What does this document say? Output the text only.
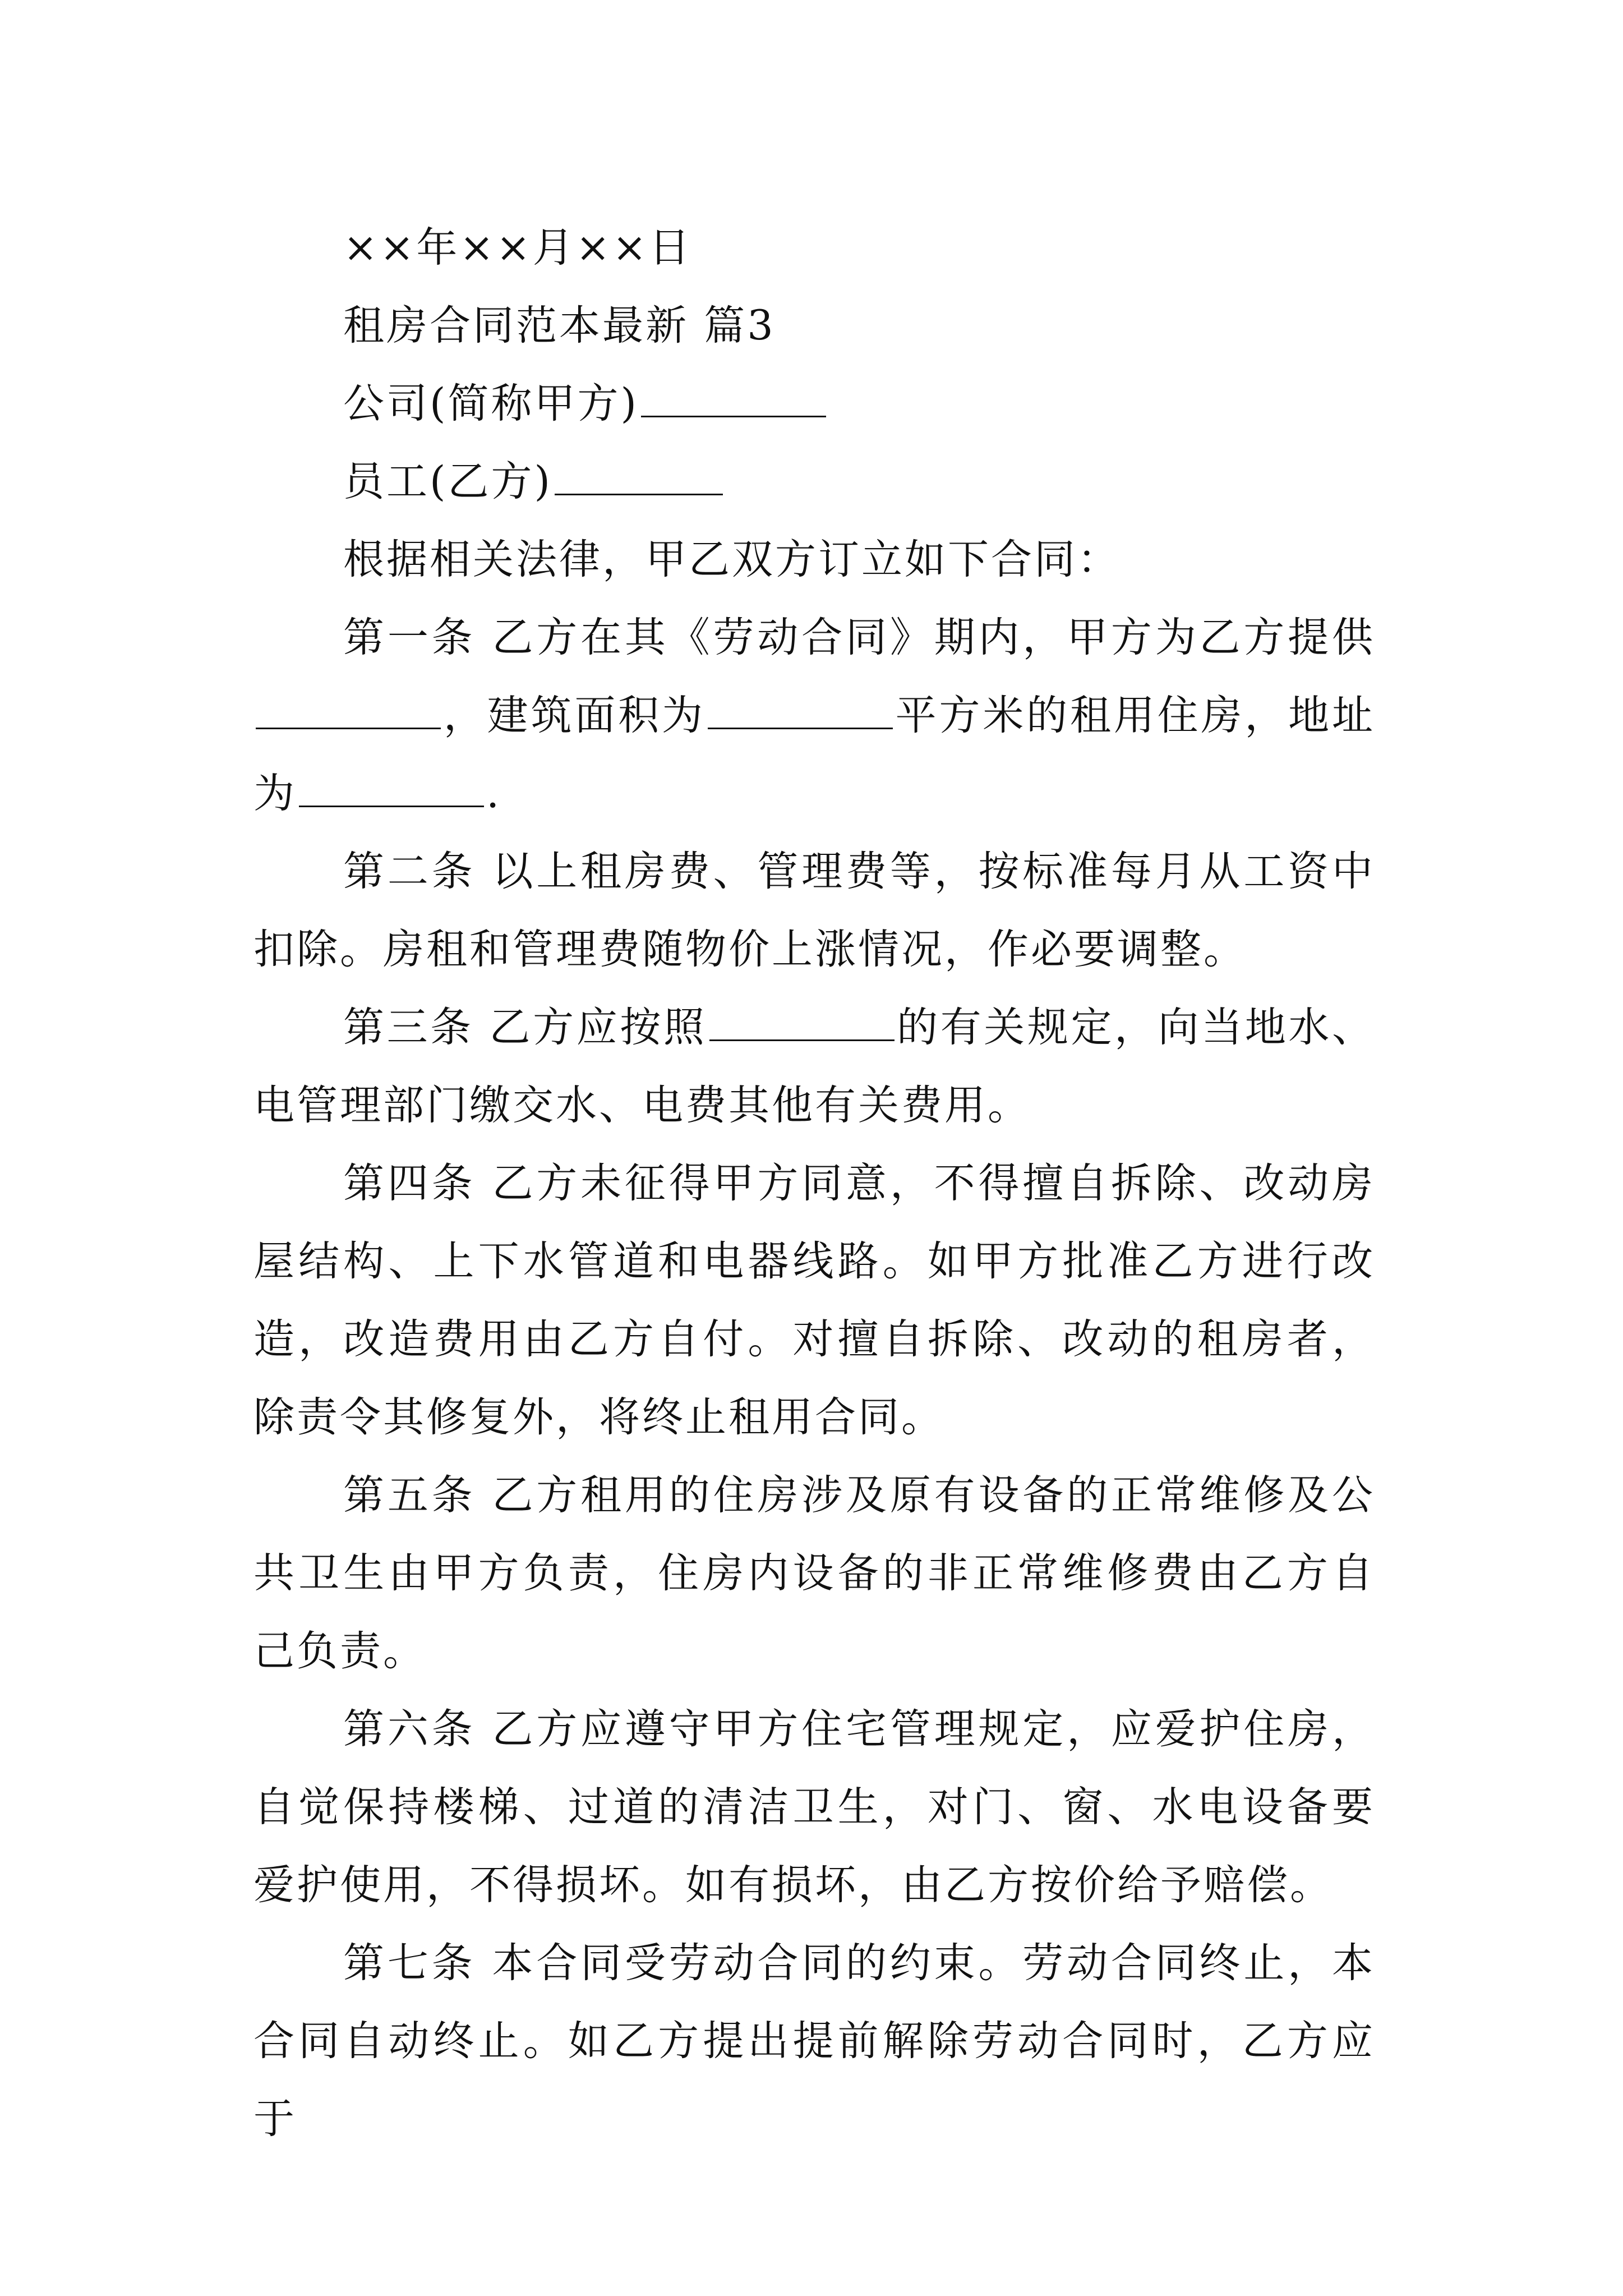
××年××月××日

租房合同范本最新 篇3

公司(简称甲方)

员工(乙方)

根据相关法律，甲乙双方订立如下合同：

第一条 乙方在其《劳动合同》期内，甲方为乙方提供，建筑面积为	平方米的租用住房，地址为	.

第二条 以上租房费、管理费等，按标准每月从工资中扣除。房租和管理费随物价上涨情况，作必要调整。

第三条 乙方应按照	的有关规定，向当地水、电管理部门缴交水、电费其他有关费用。

第四条 乙方未征得甲方同意，不得擅自拆除、改动房屋结构、上下水管道和电器线路。如甲方批准乙方进行改造，改造费用由乙方自付。对擅自拆除、改动的租房者，除责令其修复外，将终止租用合同。

第五条 乙方租用的住房涉及原有设备的正常维修及公共卫生由甲方负责，住房内设备的非正常维修费由乙方自己负责。

第六条 乙方应遵守甲方住宅管理规定，应爱护住房，自觉保持楼梯、过道的清洁卫生，对门、窗、水电设备要爱护使用，不得损坏。如有损坏，由乙方按价给予赔偿。

第七条 本合同受劳动合同的约束。劳动合同终止，本合同自动终止。如乙方提出提前解除劳动合同时，乙方应于
